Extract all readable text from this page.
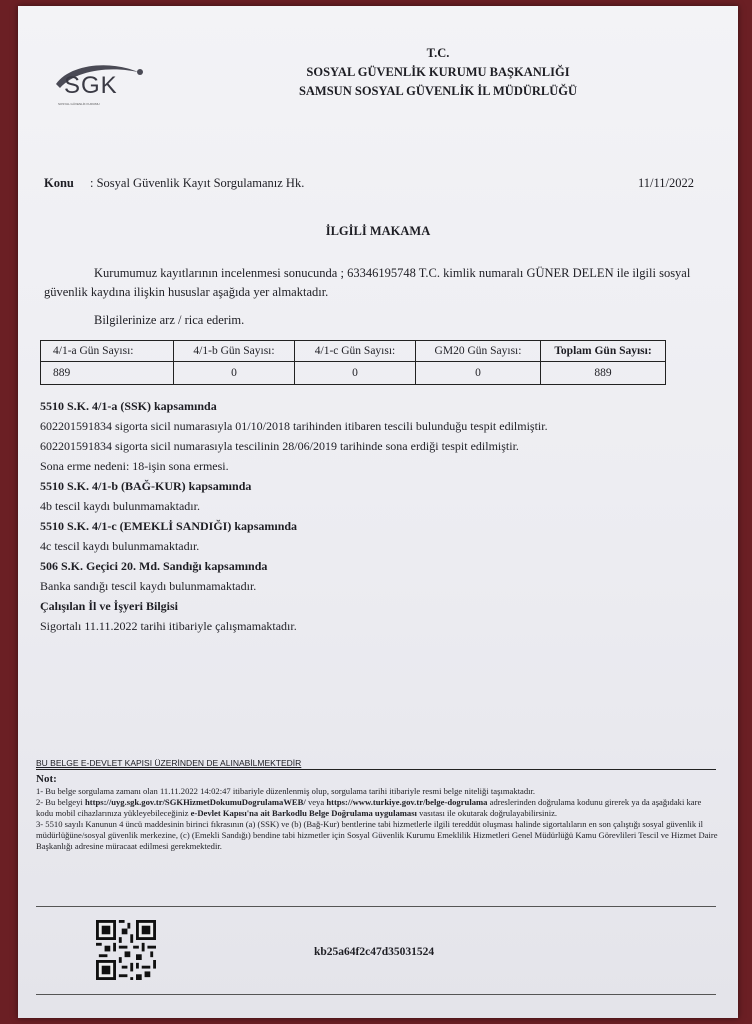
SGK
SOSYAL GÜVENLİK KURUMU
T.C.
SOSYAL GÜVENLİK KURUMU BAŞKANLIĞI
SAMSUN SOSYAL GÜVENLİK İL MÜDÜRLÜĞÜ
Konu : Sosyal Güvenlik Kayıt Sorgulamanız Hk.	11/11/2022
İLGİLİ MAKAMA
Kurumumuz kayıtlarının incelenmesi sonucunda ; 63346195748 T.C. kimlik numaralı GÜNER DELEN ile ilgili sosyal güvenlik kaydına ilişkin hususlar aşağıda yer almaktadır.
Bilgilerinize arz / rica ederim.
4/1-a Gün Sayısı:	4/1-b Gün Sayısı:	4/1-c Gün Sayısı:	GM20 Gün Sayısı:	Toplam Gün Sayısı:
889	0	0	0	889
5510 S.K. 4/1-a (SSK) kapsamında
602201591834 sigorta sicil numarasıyla 01/10/2018 tarihinden itibaren tescili bulunduğu tespit edilmiştir.
602201591834 sigorta sicil numarasıyla tescilinin 28/06/2019 tarihinde sona erdiği tespit edilmiştir.
Sona erme nedeni: 18-işin sona ermesi.
5510 S.K. 4/1-b (BAĞ-KUR) kapsamında
4b tescil kaydı bulunmamaktadır.
5510 S.K. 4/1-c (EMEKLİ SANDIĞI) kapsamında
4c tescil kaydı bulunmamaktadır.
506 S.K. Geçici 20. Md. Sandığı kapsamında
Banka sandığı tescil kaydı bulunmamaktadır.
Çalışılan İl ve İşyeri Bilgisi
Sigortalı 11.11.2022 tarihi itibariyle çalışmamaktadır.
BU BELGE E-DEVLET KAPISI ÜZERİNDEN DE ALINABİLMEKTEDİR
Not:
1- Bu belge sorgulama zamanı olan 11.11.2022 14:02:47 itibariyle düzenlenmiş olup, sorgulama tarihi itibariyle resmi belge niteliği taşımaktadır.
2- Bu belgeyi https://uyg.sgk.gov.tr/SGKHizmetDokumuDogrulamaWEB/ veya https://www.turkiye.gov.tr/belge-dogrulama adreslerinden doğrulama kodunu girerek ya da aşağıdaki kare kodu mobil cihazlarınıza yükleyebileceğiniz e-Devlet Kapısı'na ait Barkodlu Belge Doğrulama uygulaması vasıtası ile okutarak doğrulayabilirsiniz.
3- 5510 sayılı Kanunun 4 üncü maddesinin birinci fıkrasının (a) (SSK) ve (b) (Bağ-Kur) bentlerine tabi hizmetlerle ilgili tereddüt oluşması halinde sigortalıların en son çalıştığı sosyal güvenlik il müdürlüğüne/sosyal güvenlik merkezine, (c) (Emekli Sandığı) bendine tabi hizmetler için Sosyal Güvenlik Kurumu Emeklilik Hizmetleri Genel Müdürlüğü Kamu Görevlileri Tescil ve Hizmet Daire Başkanlığı adresine müracaat edilmesi gerekmektedir.
kb25a64f2c47d35031524
